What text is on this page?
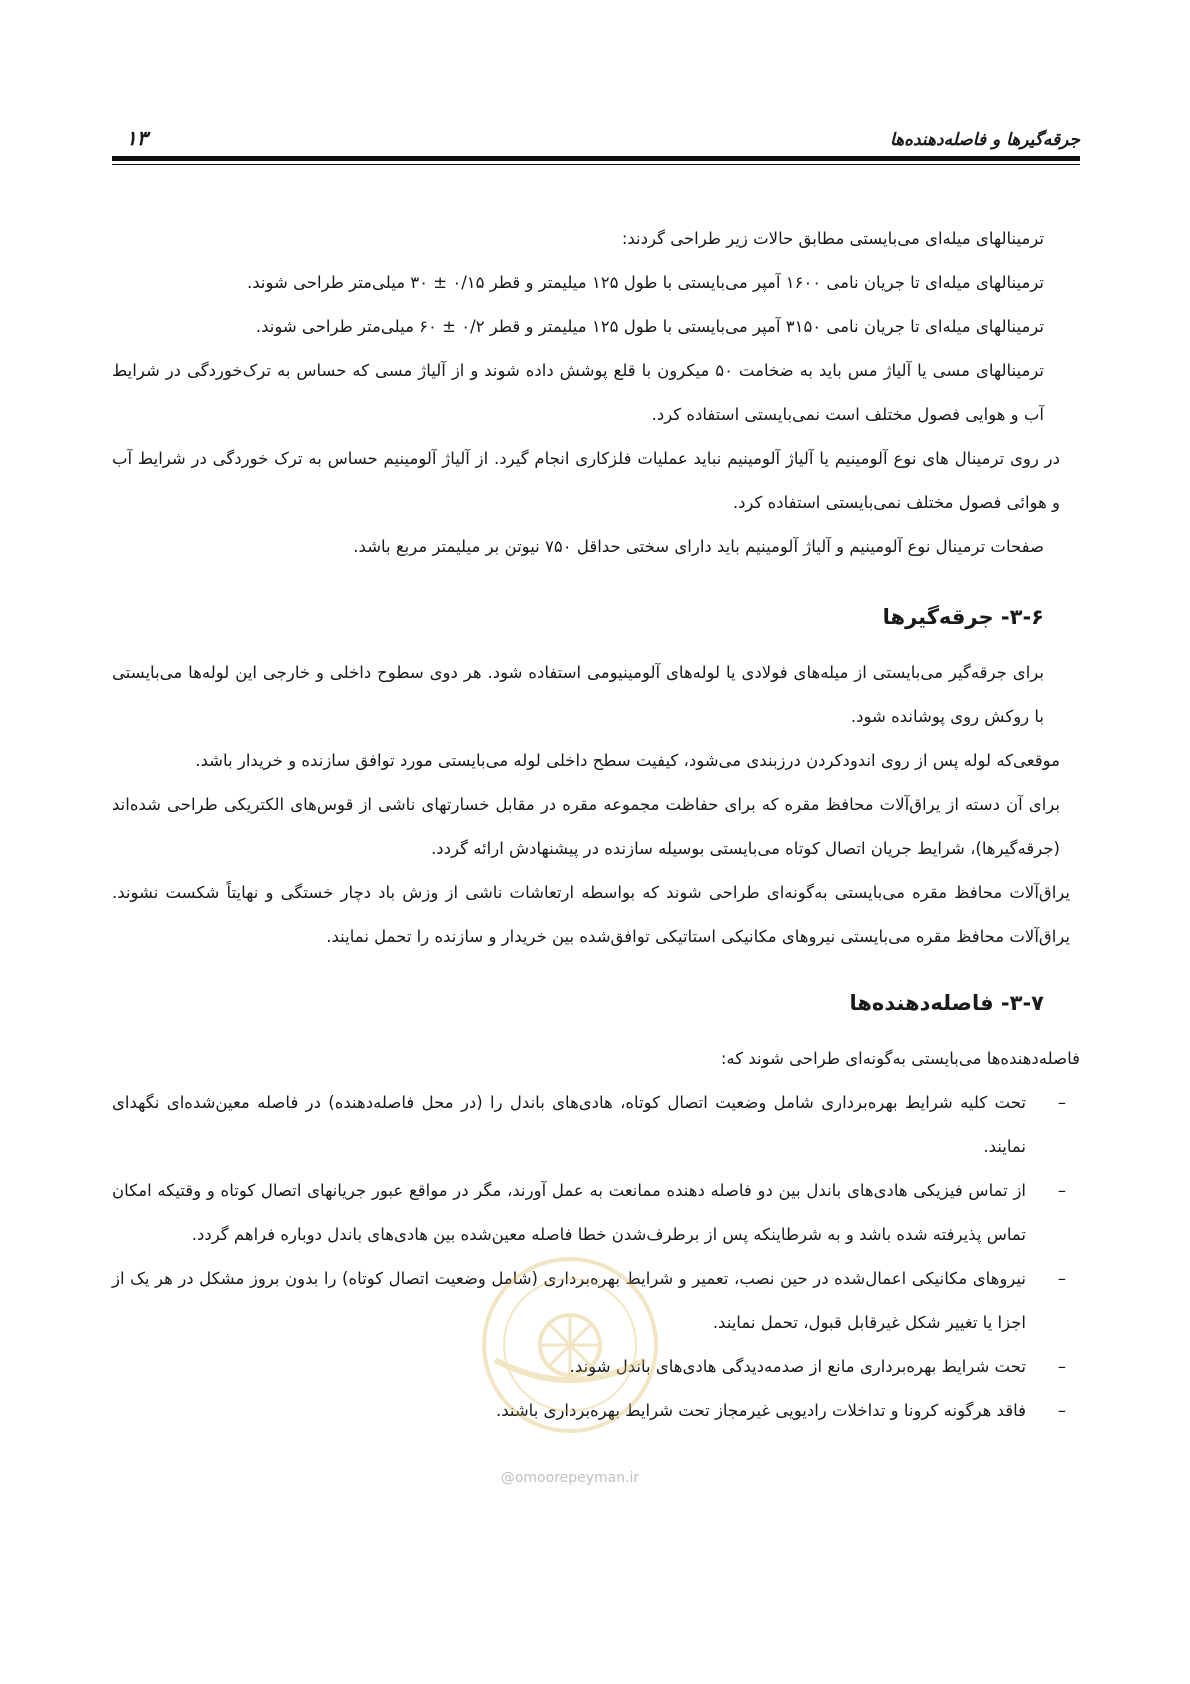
جرقه‌گیرها و فاصله‌دهنده‌ها
۱۳

ترمینالهای میله‌ای می‌بایستی مطابق حالات زیر طراحی گردند:

ترمینالهای میله‌ای تا جریان نامی ۱۶۰۰ آمپر می‌بایستی با طول ۱۲۵ میلیمتر و قطر ۰/۱۵ ± ۳۰ میلی‌متر طراحی شوند.

ترمینالهای میله‌ای تا جریان نامی ۳۱۵۰ آمپر می‌بایستی با طول ۱۲۵ میلیمتر و قطر ۰/۲ ± ۶۰ میلی‌متر طراحی شوند.

ترمینالهای مسی یا آلیاژ مس باید به ضخامت ۵۰ میکرون با قلع پوشش داده شوند و از آلیاژ مسی که حساس به ترک‌خوردگی در شرایط آب و هوایی فصول مختلف است نمی‌بایستی استفاده کرد.

در روی ترمینال های نوع آلومینیم یا آلیاژ آلومینیم نباید عملیات فلزکاری انجام گیرد. از آلیاژ آلومینیم حساس به ترک خوردگی در شرایط آب و هوائی فصول مختلف نمی‌بایستی استفاده کرد.

صفحات ترمینال نوع آلومینیم و آلیاژ آلومینیم باید دارای سختی حداقل ۷۵۰ نیوتن بر میلیمتر مربع باشد.

۳-۶- جرقه‌گیرها

برای جرقه‌گیر می‌بایستی از میله‌های فولادی یا لوله‌های آلومینیومی استفاده شود. هر دوی سطوح داخلی و خارجی این لوله‌ها می‌بایستی با روکش روی پوشانده شود.

موقعی‌که لوله پس از روی اندودکردن درزبندی می‌شود، کیفیت سطح داخلی لوله می‌بایستی مورد توافق سازنده و خریدار باشد.

برای آن دسته از یراق‌آلات محافظ مقره که برای حفاظت مجموعه مقره در مقابل خسارتهای ناشی از قوس‌های الکتریکی طراحی شده‌اند (جرقه‌گیرها)، شرایط جریان اتصال کوتاه می‌بایستی بوسیله سازنده در پیشنهادش ارائه گردد.

یراق‌آلات محافظ مقره می‌بایستی به‌گونه‌ای طراحی شوند که بواسطه ارتعاشات ناشی از وزش باد دچار خستگی و نهایتاً شکست نشوند. یراق‌آلات محافظ مقره می‌بایستی نیروهای مکانیکی استاتیکی توافق‌شده بین خریدار و سازنده را تحمل نمایند.

۳-۷- فاصله‌دهنده‌ها

فاصله‌دهنده‌ها می‌بایستی به‌گونه‌ای طراحی شوند که:

–
تحت کلیه شرایط بهره‌برداری شامل وضعیت اتصال کوتاه، هادی‌های باندل را (در محل فاصله‌دهنده) در فاصله معین‌شده‌ای نگهدای نمایند.
–
از تماس فیزیکی هادی‌های باندل بین دو فاصله دهنده ممانعت به عمل آورند، مگر در مواقع عبور جریانهای اتصال کوتاه و وقتیکه امکان تماس پذیرفته شده باشد و به شرطاینکه پس از برطرف‌شدن خطا فاصله معین‌شده بین هادی‌های باندل دوباره فراهم گردد.
–
نیروهای مکانیکی اعمال‌شده در حین نصب، تعمیر و شرایط بهره‌برداری (شامل وضعیت اتصال کوتاه) را بدون بروز مشکل در هر یک از اجزا یا تغییر شکل غیرقابل قبول، تحمل نمایند.
–
تحت شرایط بهره‌برداری مانع از صدمه‌دیدگی هادی‌های باندل شوند.
–
فاقد هرگونه کرونا و تداخلات رادیویی غیرمجاز تحت شرایط بهره‌برداری باشند.
@omoorepeyman.ir
